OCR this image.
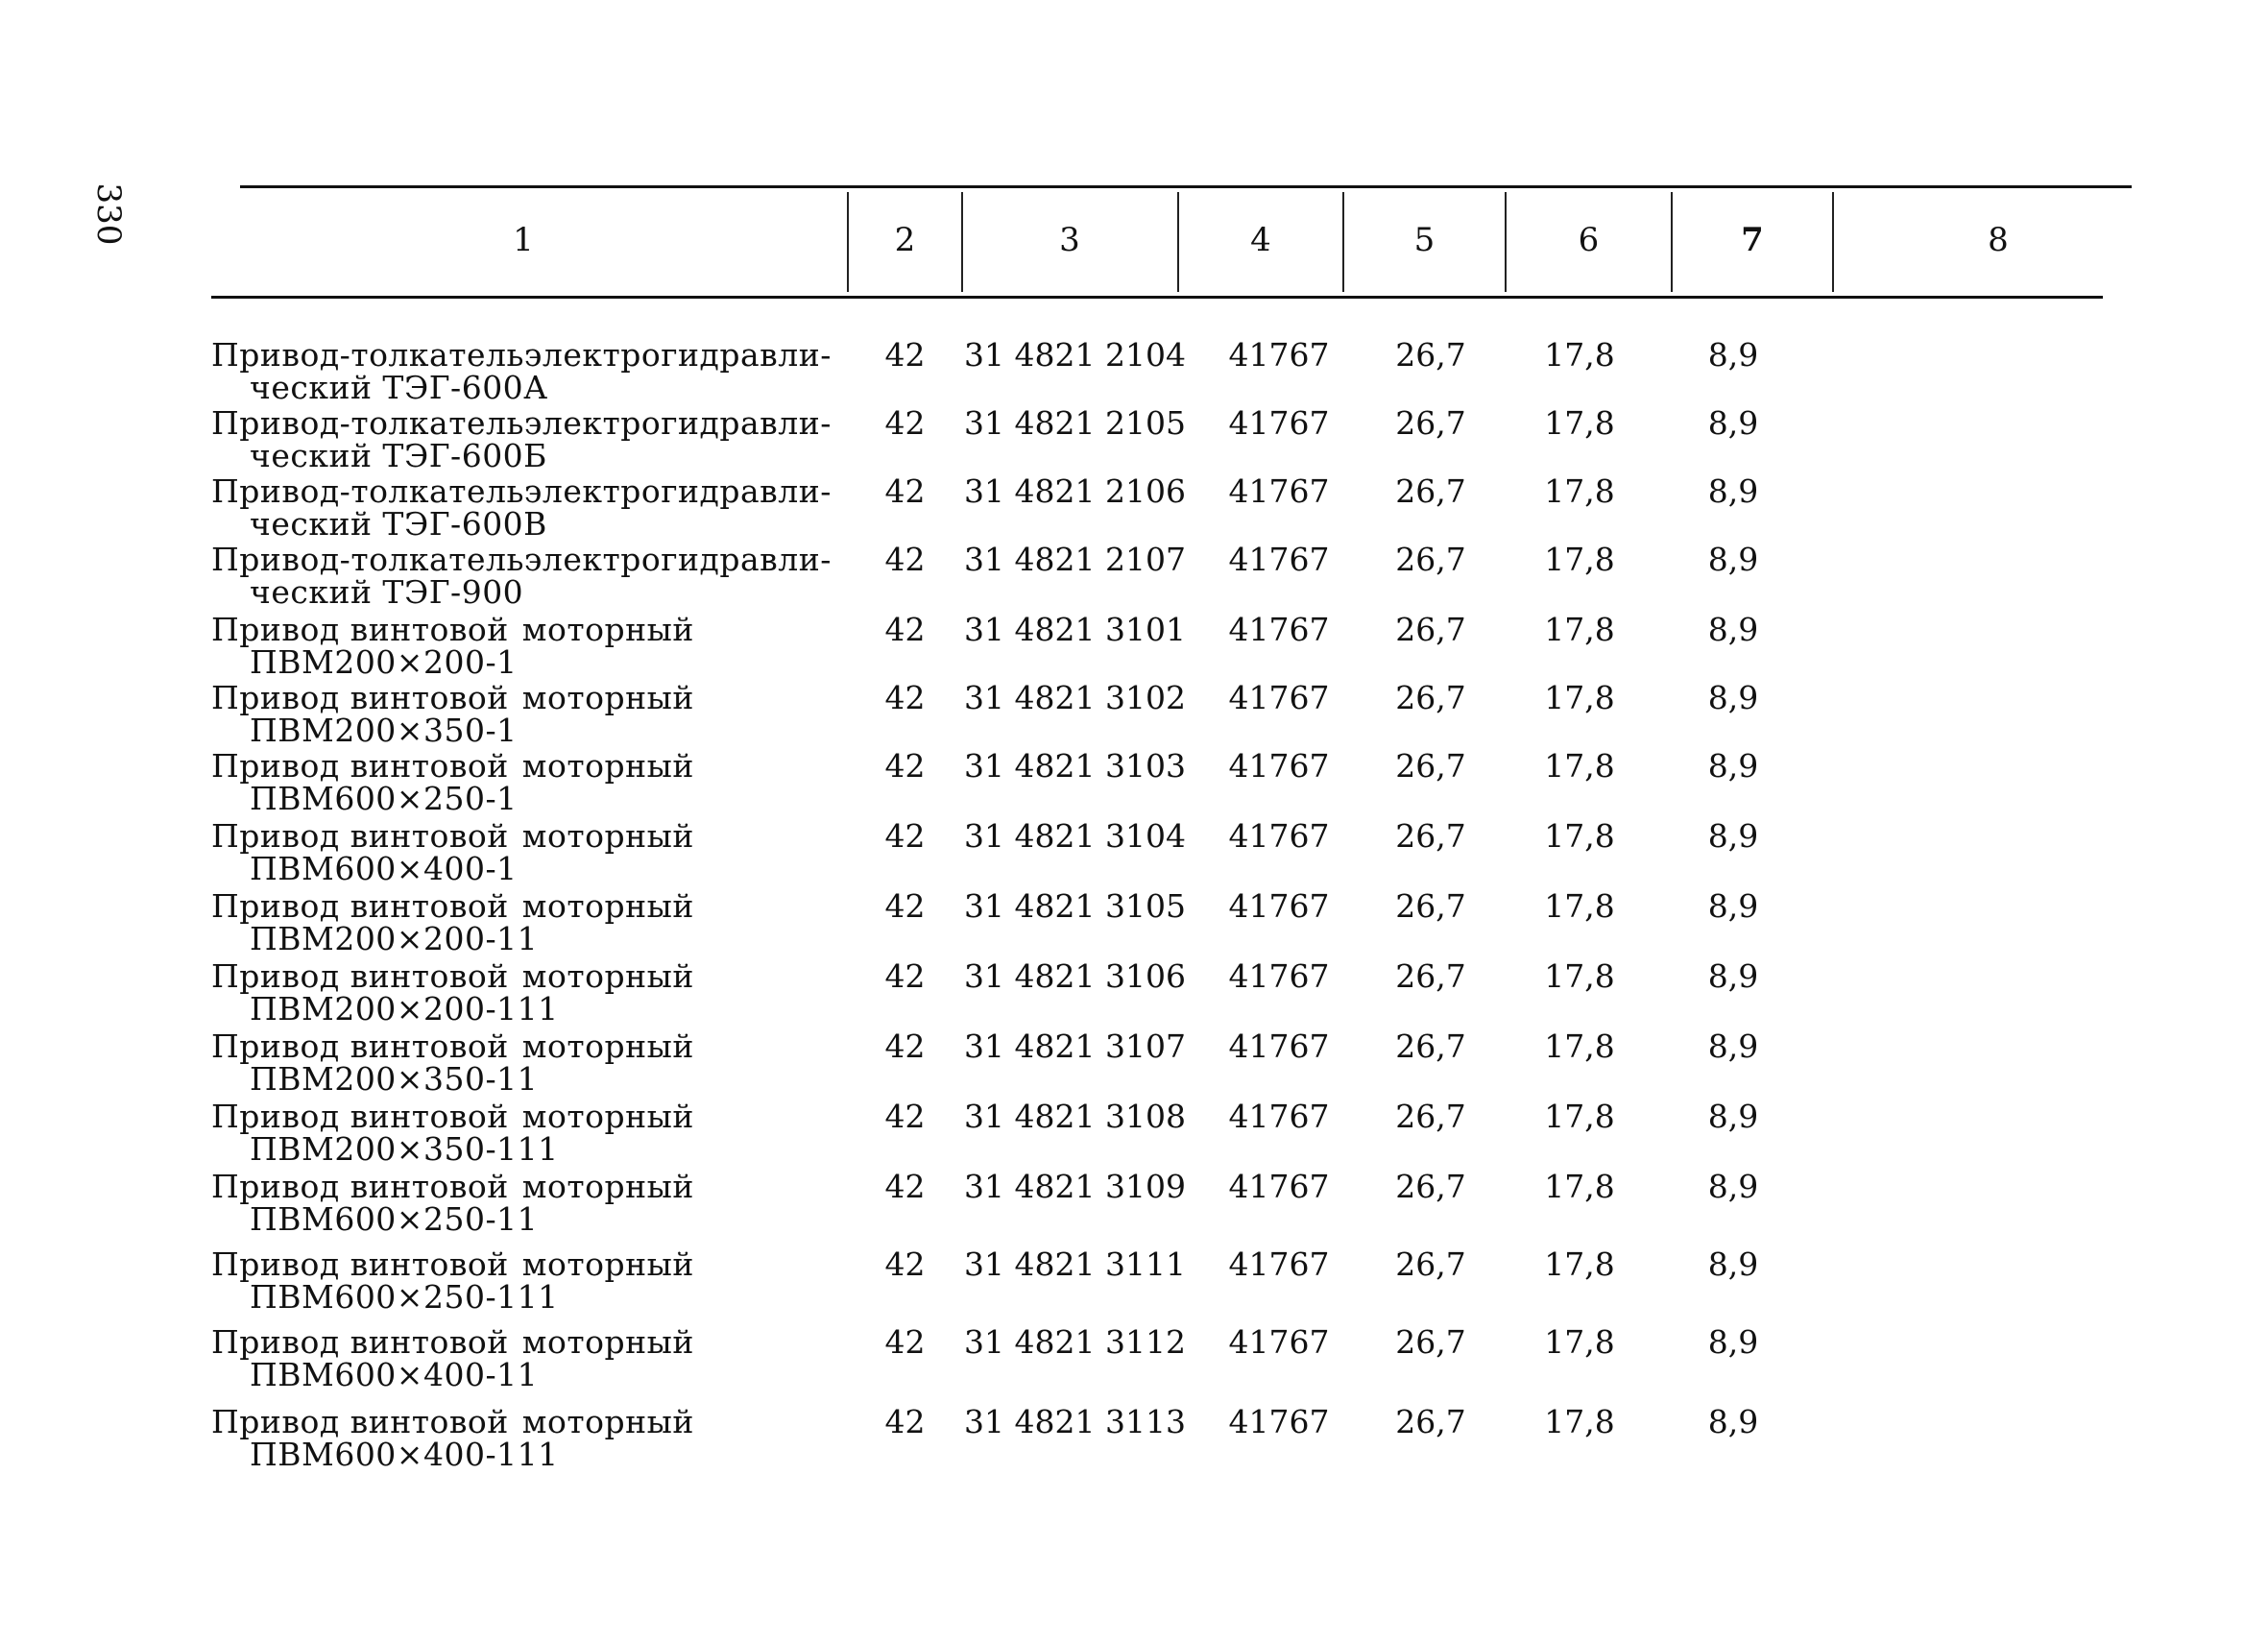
330	1	2	3	4	5	6	7	8
Привод-толкатель электрогидравли-
ческий ТЭГ-600А
42	31 4821 2104	41767	26,7	17,8	8,9
Привод-толкатель электрогидравли-
ческий ТЭГ-600Б
42	31 4821 2105	41767	26,7	17,8	8,9
Привод-толкатель электрогидравли-
ческий ТЭГ-600В
42	31 4821 2106	41767	26,7	17,8	8,9
Привод-толкатель электрогидравли-
ческий ТЭГ-900
42	31 4821 2107	41767	26,7	17,8	8,9
Привод винтовой моторный
ПВМ200×200-1
42	31 4821 3101	41767	26,7	17,8	8,9
Привод винтовой моторный
ПВМ200×350-1
42	31 4821 3102	41767	26,7	17,8	8,9
Привод винтовой моторный
ПВМ600×250-1
42	31 4821 3103	41767	26,7	17,8	8,9
Привод винтовой моторный
ПВМ600×400-1
42	31 4821 3104	41767	26,7	17,8	8,9
Привод винтовой моторный
ПВМ200×200-11
42	31 4821 3105	41767	26,7	17,8	8,9
Привод винтовой моторный
ПВМ200×200-111
42	31 4821 3106	41767	26,7	17,8	8,9
Привод винтовой моторный
ПВМ200×350-11
42	31 4821 3107	41767	26,7	17,8	8,9
Привод винтовой моторный
ПВМ200×350-111
42	31 4821 3108	41767	26,7	17,8	8,9
Привод винтовой моторный
ПВМ600×250-11
42	31 4821 3109	41767	26,7	17,8	8,9
Привод винтовой моторный
ПВМ600×250-111
42	31 4821 3111	41767	26,7	17,8	8,9
Привод винтовой моторный
ПВМ600×400-11
42	31 4821 3112	41767	26,7	17,8	8,9
Привод винтовой моторный
ПВМ600×400-111
42	31 4821 3113	41767	26,7	17,8	8,9
